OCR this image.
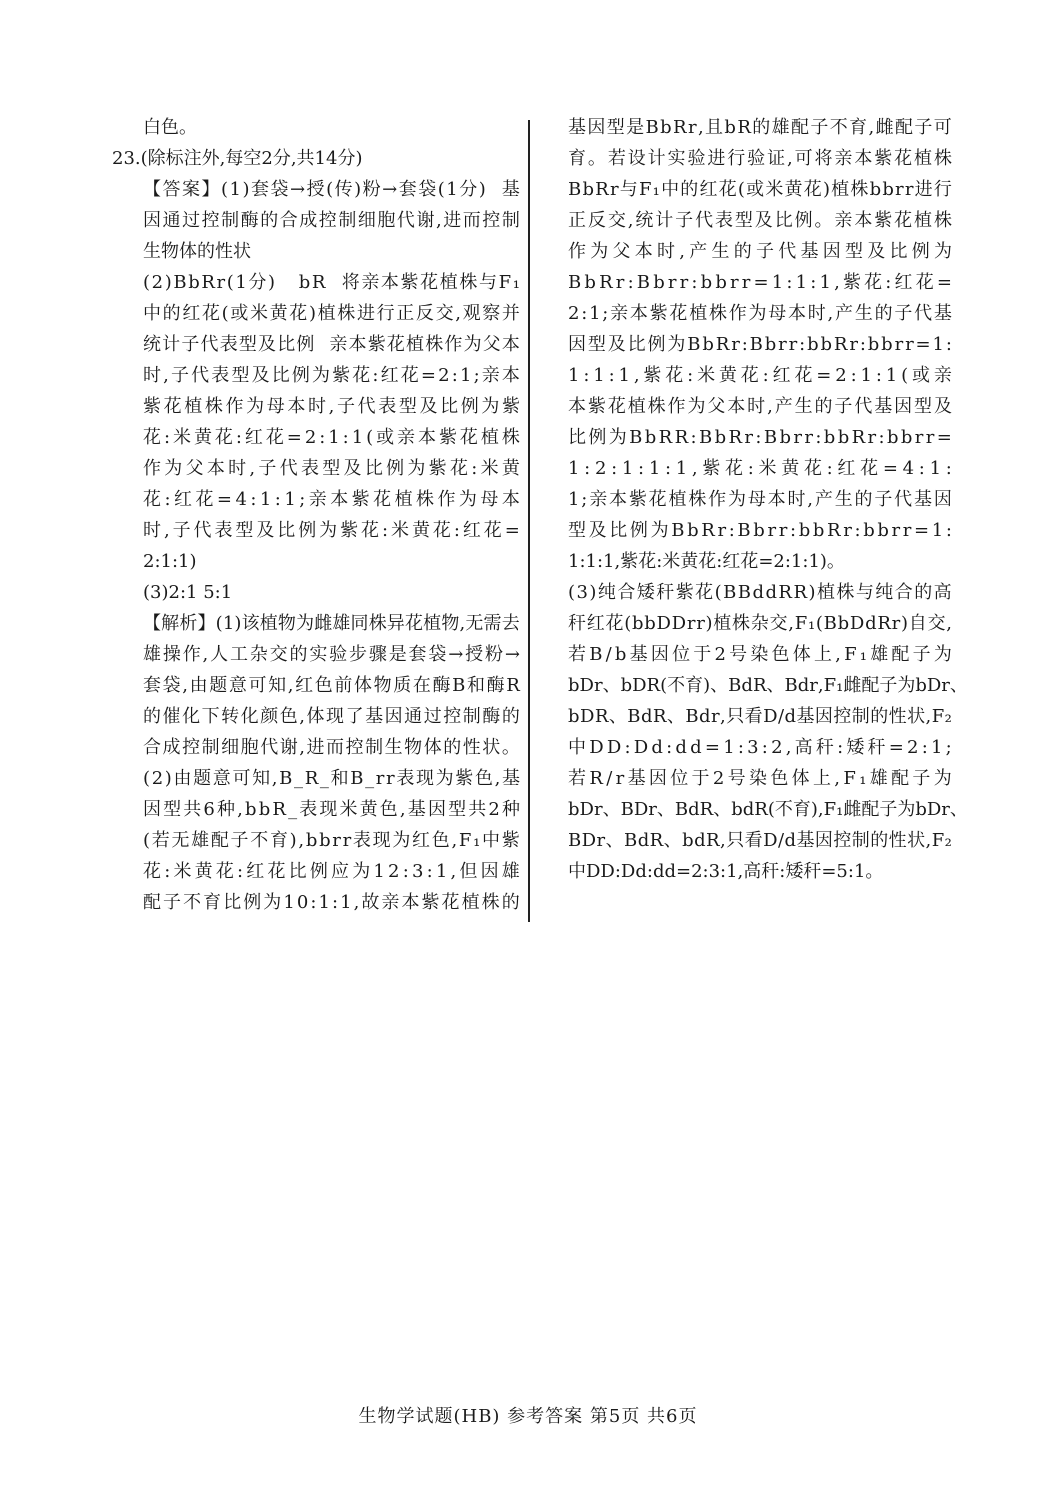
白色。
23.(除标注外,每空2分,共14分)
【 答 案 】 ( 1 ) 套 袋 → 授 ( 传 ) 粉 → 套 袋 ( 1 分 )

基
因 通 过 控 制 酶 的 合 成 控 制 细 胞 代 谢 , 进 而 控 制
生物体的性状
( 2 ) B b R r ( 1 分 )

b R

将 亲 本 紫 花 植 株 与 F ₁
中 的 红 花 ( 或 米 黄 花 ) 植 株 进 行 正 反 交 , 观 察 并
统 计 子 代 表 型 及 比 例

亲 本 紫 花 植 株 作 为 父 本
时 , 子 代 表 型 及 比 例 为 紫 花 : 红 花 = 2 : 1 ; 亲 本
紫 花 植 株 作 为 母 本 时 , 子 代 表 型 及 比 例 为 紫
花 : 米 黄 花 : 红 花 = 2 : 1 : 1 ( 或 亲 本 紫 花 植 株
作 为 父 本 时 , 子 代 表 型 及 比 例 为 紫 花 : 米 黄
花 : 红 花 = 4 : 1 : 1 ; 亲 本 紫 花 植 株 作 为 母 本
时 , 子 代 表 型 及 比 例 为 紫 花 : 米 黄 花 : 红 花 =
2:1:1)
(3)2:1 5:1
【 解 析 】 ( 1 ) 该 植 物 为 雌 雄 同 株 异 花 植 物 , 无 需 去
雄 操 作 , 人 工 杂 交 的 实 验 步 骤 是 套 袋 → 授 粉 →
套 袋 , 由 题 意 可 知 , 红 色 前 体 物 质 在 酶 B 和 酶 R
的 催 化 下 转 化 颜 色 , 体 现 了 基 因 通 过 控 制 酶 的
合 成 控 制 细 胞 代 谢 , 进 而 控 制 生 物 体 的 性 状 。
( 2 ) 由 题 意 可 知 , B _ R _ 和 B _ r r 表 现 为 紫 色 , 基
因 型 共 6 种 , b b R _ 表 现 米 黄 色 , 基 因 型 共 2 种
( 若 无 雄 配 子 不 育 ) , b b r r 表 现 为 红 色 , F ₁ 中 紫
花 : 米 黄 花 : 红 花 比 例 应 为 1 2 : 3 : 1 , 但 因 雄
配 子 不 育 比 例 为 1 0 : 1 : 1 , 故 亲 本 紫 花 植 株 的
基 因 型 是 B b R r , 且 b R 的 雄 配 子 不 育 , 雌 配 子 可
育 。 若 设 计 实 验 进 行 验 证 , 可 将 亲 本 紫 花 植 株
B b R r 与 F ₁ 中 的 红 花 ( 或 米 黄 花 ) 植 株 b b r r 进 行
正 反 交 , 统 计 子 代 表 型 及 比 例 。 亲 本 紫 花 植 株
作 为 父 本 时 , 产 生 的 子 代 基 因 型 及 比 例 为
B b R r : B b r r : b b r r = 1 : 1 : 1 , 紫 花 : 红 花 =
2 : 1 ; 亲 本 紫 花 植 株 作 为 母 本 时 , 产 生 的 子 代 基
因 型 及 比 例 为 B b R r : B b r r : b b R r : b b r r = 1 :
1 : 1 : 1 , 紫 花 : 米 黄 花 : 红 花 = 2 : 1 : 1 ( 或 亲
本 紫 花 植 株 作 为 父 本 时 , 产 生 的 子 代 基 因 型 及
比 例 为 B b R R : B b R r : B b r r : b b R r : b b r r =
1 : 2 : 1 : 1 : 1 , 紫 花 : 米 黄 花 : 红 花 = 4 : 1 :
1 ; 亲 本 紫 花 植 株 作 为 母 本 时 , 产 生 的 子 代 基 因
型 及 比 例 为 B b R r : B b r r : b b R r : b b r r = 1 :
1:1:1,紫花:米黄花:红花=2:1:1)。
( 3 ) 纯 合 矮 秆 紫 花 ( B B d d R R ) 植 株 与 纯 合 的 高
秆 红 花 ( b b D D r r ) 植 株 杂 交 , F ₁ ( B b D d R r ) 自 交 ,
若 B / b 基 因 位 于 2 号 染 色 体 上 , F ₁ 雄 配 子 为
b D r 、 b D R ( 不 育 ) 、 B d R 、 B d r , F ₁ 雌 配 子 为 b D r 、
b D R 、 B d R 、 B d r , 只 看 D / d 基 因 控 制 的 性 状 , F ₂
中 D D : D d : d d = 1 : 3 : 2 , 高 秆 : 矮 秆 = 2 : 1 ;
若 R / r 基 因 位 于 2 号 染 色 体 上 , F ₁ 雄 配 子 为
b D r 、 B D r 、 B d R 、 b d R ( 不 育 ) , F ₁ 雌 配 子 为 b D r 、
B D r 、 B d R 、 b d R , 只 看 D / d 基 因 控 制 的 性 状 , F ₂
中DD:Dd:dd=2:3:1,高秆:矮秆=5:1。
生物学试题(HB) 参考答案 第5页 共6页
